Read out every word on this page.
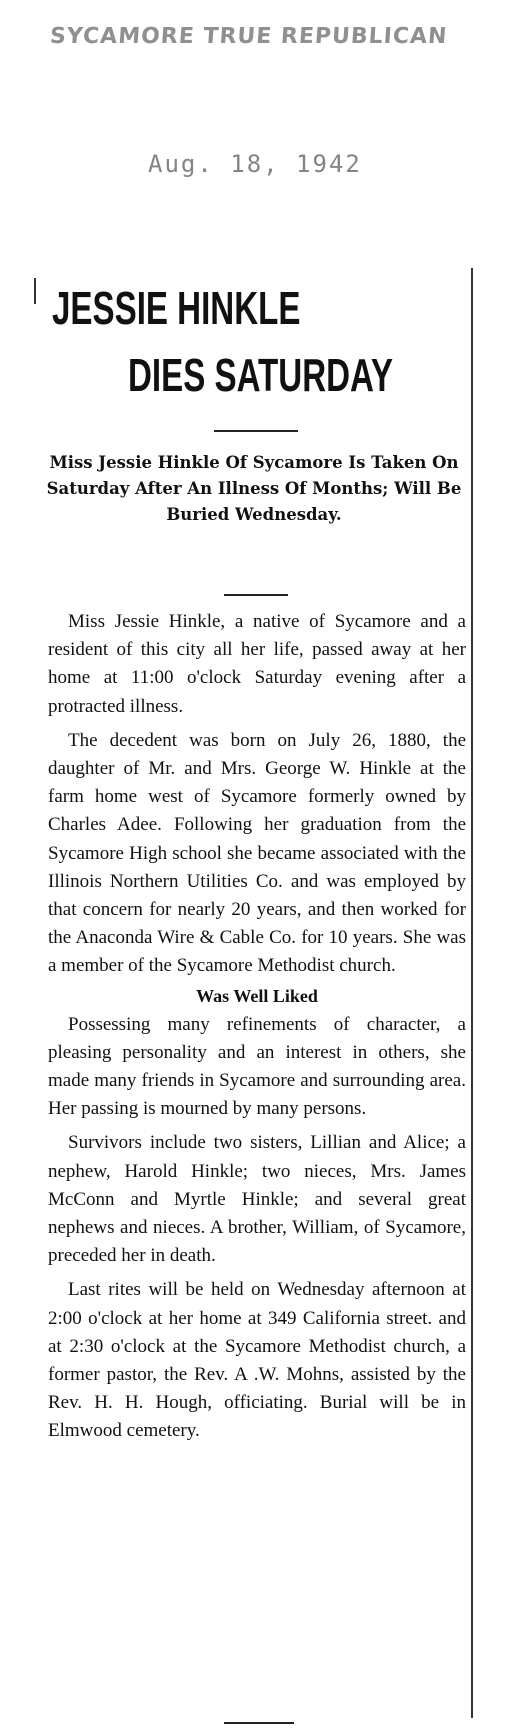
SYCAMORE TRUE REPUBLICAN
Aug. 18, 1942
JESSIE HINKLE
DIES SATURDAY
Miss Jessie Hinkle Of Sycamore Is Taken On Saturday After An Illness Of Months; Will Be Buried Wednesday.

Miss Jessie Hinkle, a native of Sycamore and a resident of this city all her life, passed away at her home at 11:00 o'clock Saturday evening after a protracted illness.

The decedent was born on July 26, 1880, the daughter of Mr. and Mrs. George W. Hinkle at the farm home west of Sycamore formerly owned by Charles Adee. Following her graduation from the Sycamore High school she became associated with the Illinois Northern Utilities Co. and was employed by that concern for nearly 20 years, and then worked for the Anaconda Wire & Cable Co. for 10 years. She was a member of the Sycamore Methodist church.

Was Well Liked

Possessing many refinements of character, a pleasing personality and an interest in others, she made many friends in Sycamore and surrounding area. Her passing is mourned by many persons.

Survivors include two sisters, Lillian and Alice; a nephew, Harold Hinkle; two nieces, Mrs. James McConn and Myrtle Hinkle; and several great nephews and nieces. A brother, William, of Sycamore, preceded her in death.

Last rites will be held on Wednesday afternoon at 2:00 o'clock at her home at 349 California street. and at 2:30 o'clock at the Sycamore Methodist church, a former pastor, the Rev. A .W. Mohns, assisted by the Rev. H. H. Hough, officiating. Burial will be in Elmwood cemetery.
